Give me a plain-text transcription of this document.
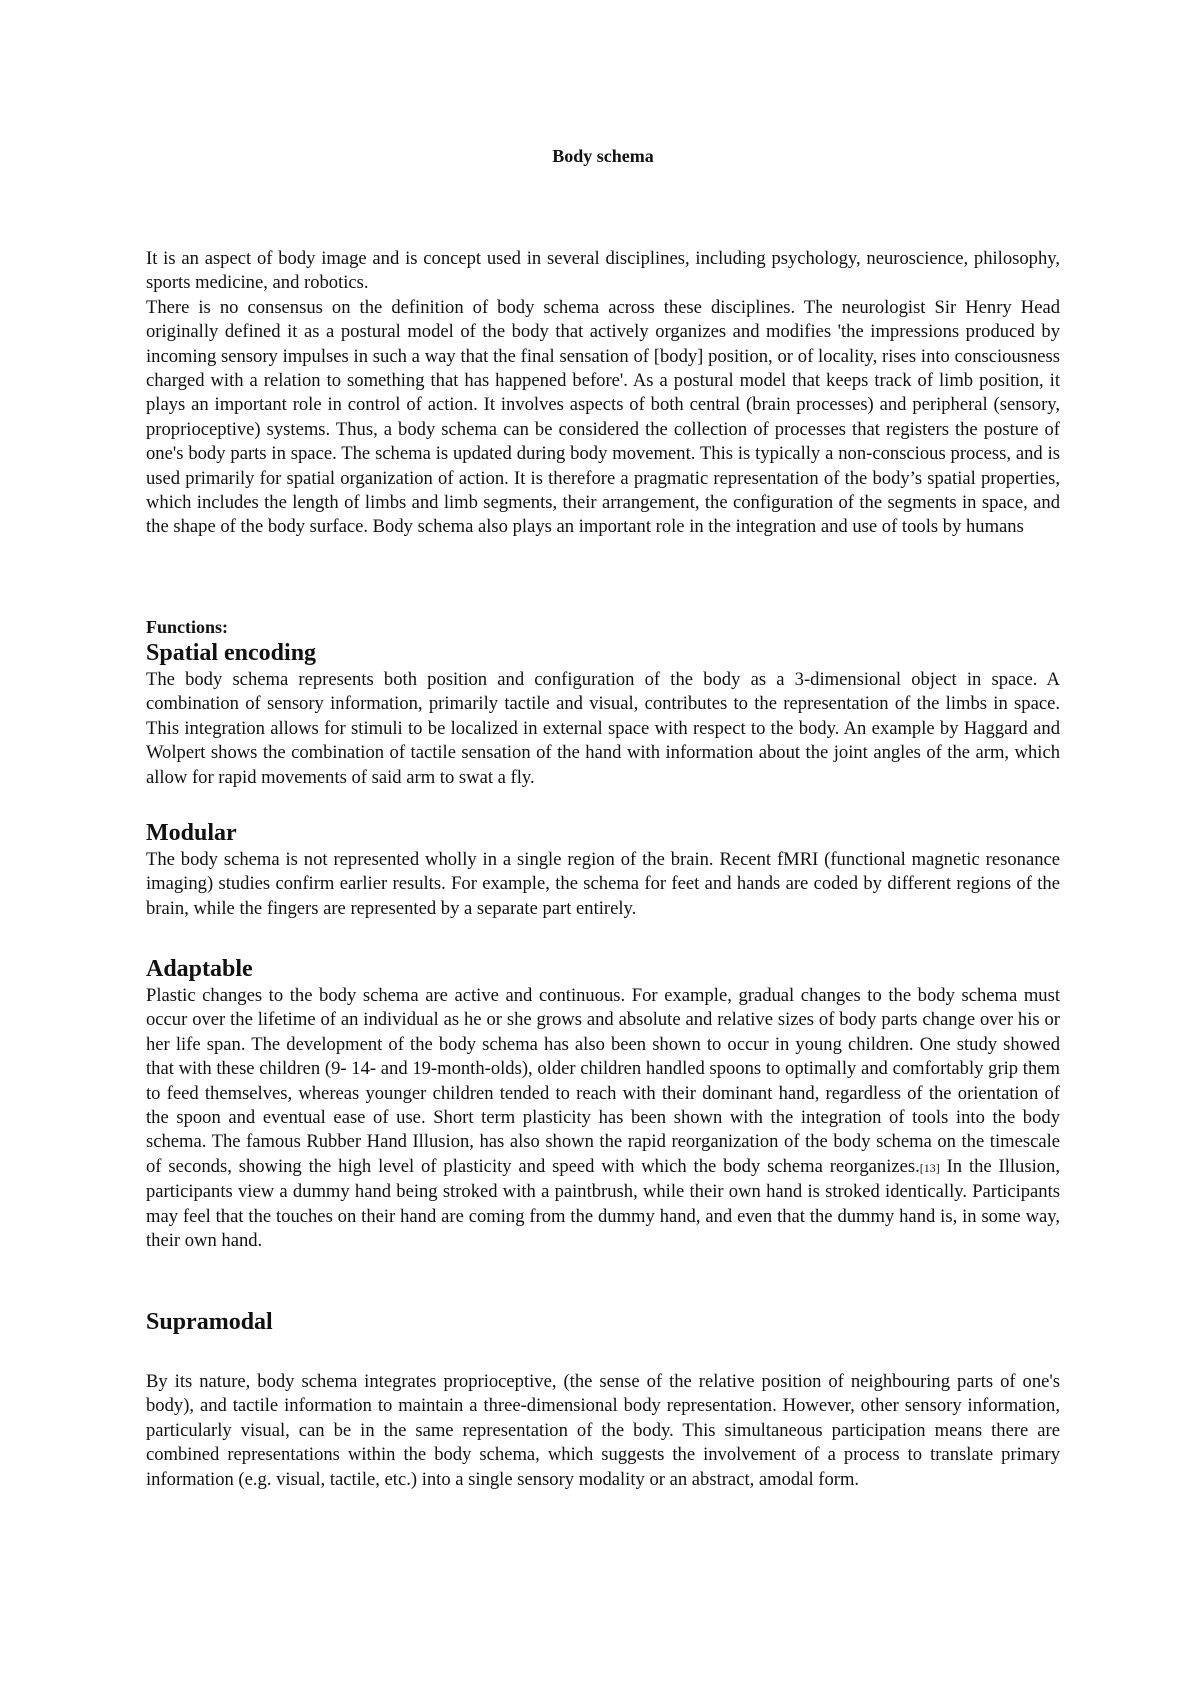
Body schema

It is an aspect of body image and is concept used in several disciplines, including psychology, neuroscience, philosophy, sports medicine, and robotics.

There is no consensus on the definition of body schema across these disciplines. The neurologist Sir Henry Head originally defined it as a postural model of the body that actively organizes and modifies 'the impressions produced by incoming sensory impulses in such a way that the final sensation of [body] position, or of locality, rises into consciousness charged with a relation to something that has happened before'. As a postural model that keeps track of limb position, it plays an important role in control of action. It involves aspects of both central (brain processes) and peripheral (sensory, proprioceptive) systems. Thus, a body schema can be considered the collection of processes that registers the posture of one's body parts in space. The schema is updated during body movement. This is typically a non-conscious process, and is used primarily for spatial organization of action. It is therefore a pragmatic representation of the body’s spatial properties, which includes the length of limbs and limb segments, their arrangement, the configuration of the segments in space, and the shape of the body surface. Body schema also plays an important role in the integration and use of tools by humans

Functions:
Spatial encoding

The body schema represents both position and configuration of the body as a 3-dimensional object in space. A combination of sensory information, primarily tactile and visual, contributes to the representation of the limbs in space. This integration allows for stimuli to be localized in external space with respect to the body. An example by Haggard and Wolpert shows the combination of tactile sensation of the hand with information about the joint angles of the arm, which allow for rapid movements of said arm to swat a fly.

Modular

The body schema is not represented wholly in a single region of the brain. Recent fMRI (functional magnetic resonance imaging) studies confirm earlier results. For example, the schema for feet and hands are coded by different regions of the brain, while the fingers are represented by a separate part entirely.

Adaptable

Plastic changes to the body schema are active and continuous. For example, gradual changes to the body schema must occur over the lifetime of an individual as he or she grows and absolute and relative sizes of body parts change over his or her life span. The development of the body schema has also been shown to occur in young children. One study showed that with these children (9- 14- and 19-month-olds), older children handled spoons to optimally and comfortably grip them to feed themselves, whereas younger children tended to reach with their dominant hand, regardless of the orientation of the spoon and eventual ease of use. Short term plasticity has been shown with the integration of tools into the body schema. The famous Rubber Hand Illusion, has also shown the rapid reorganization of the body schema on the timescale of seconds, showing the high level of plasticity and speed with which the body schema reorganizes.[13] In the Illusion, participants view a dummy hand being stroked with a paintbrush, while their own hand is stroked identically. Participants may feel that the touches on their hand are coming from the dummy hand, and even that the dummy hand is, in some way, their own hand.

Supramodal

By its nature, body schema integrates proprioceptive, (the sense of the relative position of neighbouring parts of one's body), and tactile information to maintain a three-dimensional body representation. However, other sensory information, particularly visual, can be in the same representation of the body. This simultaneous participation means there are combined representations within the body schema, which suggests the involvement of a process to translate primary information (e.g. visual, tactile, etc.) into a single sensory modality or an abstract, amodal form.
